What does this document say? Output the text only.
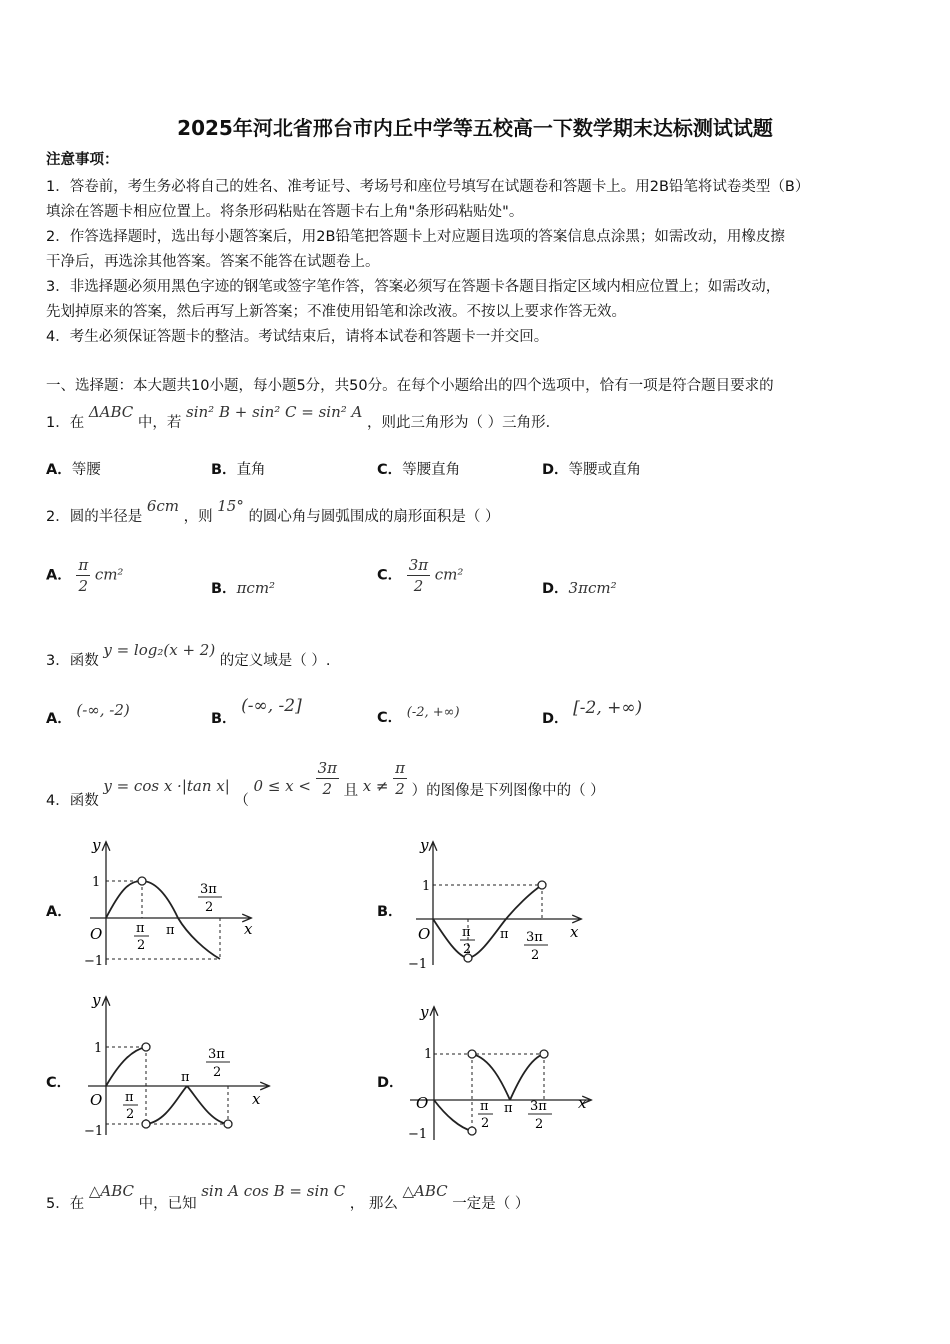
2025年河北省邢台市内丘中学等五校高一下数学期末达标测试试题
注意事项：
1．答卷前，考生务必将自己的姓名、准考证号、考场号和座位号填写在试题卷和答题卡上。用2B铅笔将试卷类型（B）
填涂在答题卡相应位置上。将条形码粘贴在答题卡右上角"条形码粘贴处"。
2．作答选择题时，选出每小题答案后，用2B铅笔把答题卡上对应题目选项的答案信息点涂黑；如需改动，用橡皮擦
干净后，再选涂其他答案。答案不能答在试题卷上。
3．非选择题必须用黑色字迹的钢笔或签字笔作答，答案必须写在答题卡各题目指定区域内相应位置上；如需改动，
先划掉原来的答案，然后再写上新答案；不准使用铅笔和涂改液。不按以上要求作答无效。
4．考生必须保证答题卡的整洁。考试结束后，请将本试卷和答题卡一并交回。
一、选择题：本大题共10小题，每小题5分，共50分。在每个小题给出的四个选项中，恰有一项是符合题目要求的
1．在 ΔABC 中，若 sin² B + sin² C = sin² A ，则此三角形为（ ）三角形．
A．等腰	B．直角	C．等腰直角	D．等腰或直角
2．圆的半径是 6cm ，则 15° 的圆心角与圆弧围成的扇形面积是（ ）
A． $\frac{\pi}{2} cm^2$
B．πcm²
C． $\frac{3\pi}{2} cm^2$
D．3πcm²
3．函数 y = log₂(x + 2) 的定义域是（ ）.
A． (-∞, -2)	B． (-∞, -2]
C． (-2, +∞)	D． [-2, +∞)
4．函数 y = cos x ·|tan x| （ $0 \le x < \frac{3\pi}{2}$ 且 $x \ne \frac{\pi}{2}$ ）的图像是下列图像中的（ ）
A．	B．
C．	D．
y
x
O
1
−1
π
2
π
3π
2
y
x
O
1
−1
π
2
π 3π
2
y
x
O
1
−1
π
2
π
3π
2
y
x
O
1
−1
π
2
π 3π
2
5．在 △ABC 中，已知 sin A cos B = sin C ， 那么 △ABC 一定是（ ）
